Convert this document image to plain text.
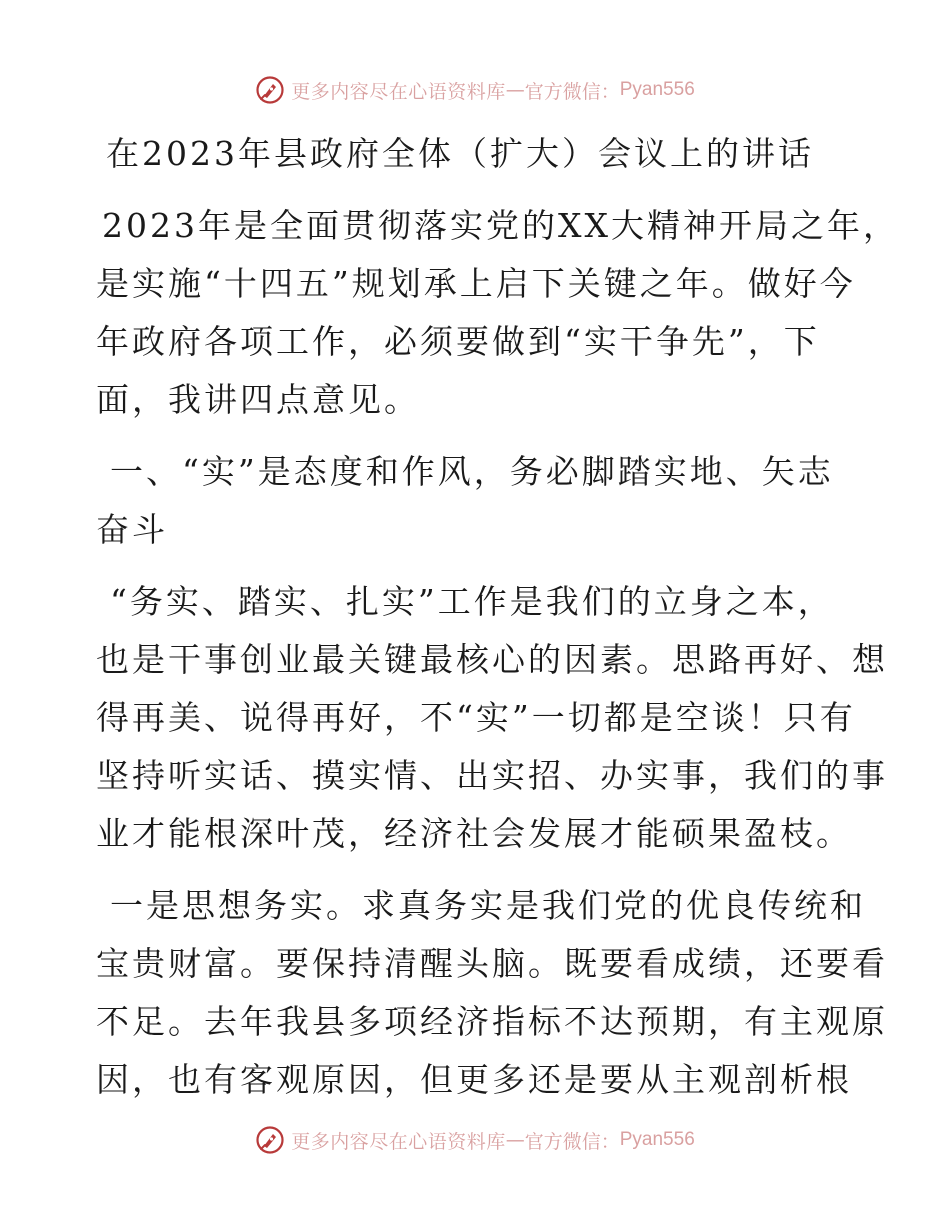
更多内容尽在心语资料库 — 官方微信： Pyan556
在2023年县政府全体（扩大）会议上的讲话
2023年是全面贯彻落实党的XX大精神开局之年，
是实施“十四五”规划承上启下关键之年。做好今
年政府各项工作，必须要做到“实干争先”，下
面，我讲四点意见。
一、“实”是态度和作风，务必脚踏实地、矢志
奋斗
“务实、踏实、扎实”工作是我们的立身之本，
也是干事创业最关键最核心的因素。思路再好、想
得再美、说得再好，不“实”一切都是空谈！只有
坚持听实话、摸实情、出实招、办实事，我们的事
业才能根深叶茂，经济社会发展才能硕果盈枝。
一是思想务实。求真务实是我们党的优良传统和
宝贵财富。要保持清醒头脑。既要看成绩，还要看
不足。去年我县多项经济指标不达预期，有主观原
因，也有客观原因，但更多还是要从主观剖析根
更多内容尽在心语资料库 — 官方微信： Pyan556
